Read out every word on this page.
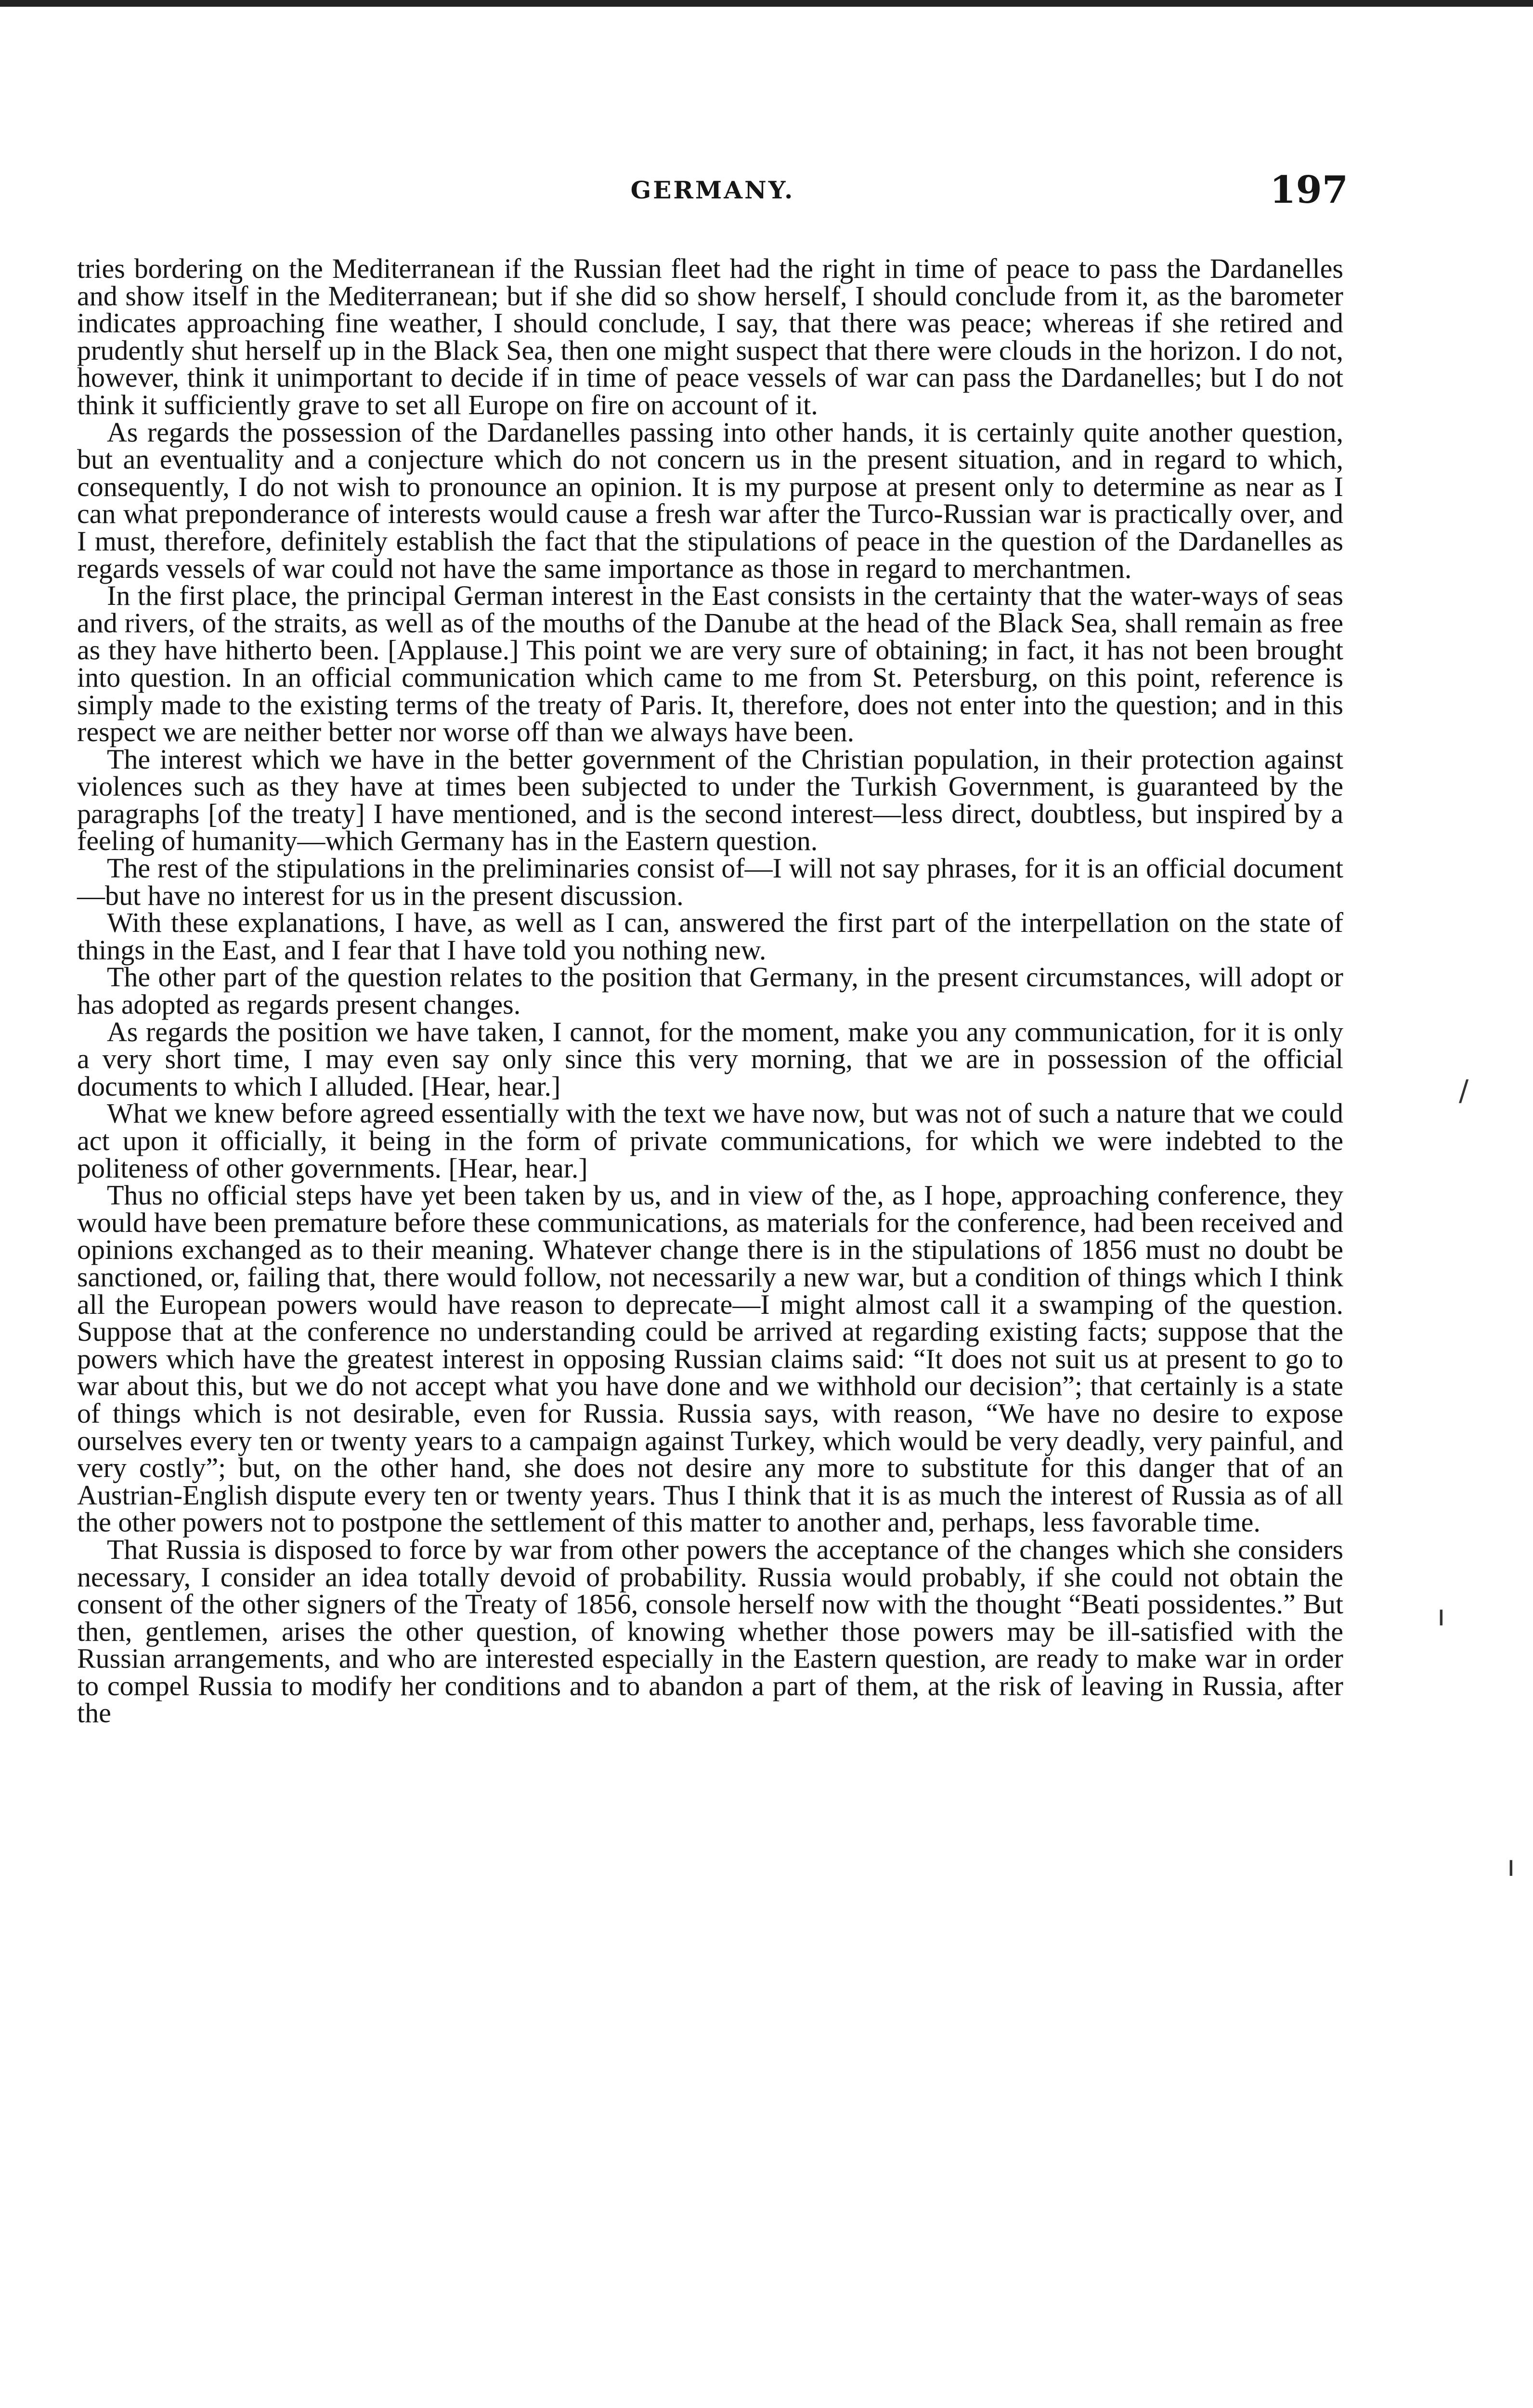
GERMANY.	197

tries bordering on the Mediterranean if the Russian fleet had the right in time of peace to pass the Dardanelles and show itself in the Mediterranean; but if she did so show herself, I should conclude from it, as the barometer indicates approaching fine weather, I should conclude, I say, that there was peace; whereas if she retired and prudently shut herself up in the Black Sea, then one might suspect that there were clouds in the horizon. I do not, however, think it unimportant to decide if in time of peace vessels of war can pass the Dardanelles; but I do not think it sufficiently grave to set all Europe on fire on account of it.

As regards the possession of the Dardanelles passing into other hands, it is certainly quite another question, but an eventuality and a conjecture which do not concern us in the present situation, and in regard to which, consequently, I do not wish to pronounce an opinion. It is my purpose at present only to determine as near as I can what preponderance of interests would cause a fresh war after the Turco-Russian war is practically over, and I must, therefore, definitely establish the fact that the stipulations of peace in the question of the Dardanelles as regards vessels of war could not have the same importance as those in regard to merchantmen.

In the first place, the principal German interest in the East consists in the certainty that the water-ways of seas and rivers, of the straits, as well as of the mouths of the Danube at the head of the Black Sea, shall remain as free as they have hitherto been. [Applause.] This point we are very sure of obtaining; in fact, it has not been brought into question. In an official communication which came to me from St. Petersburg, on this point, reference is simply made to the existing terms of the treaty of Paris. It, therefore, does not enter into the question; and in this respect we are neither better nor worse off than we always have been.

The interest which we have in the better government of the Christian population, in their protection against violences such as they have at times been subjected to under the Turkish Government, is guaranteed by the paragraphs [of the treaty] I have mentioned, and is the second interest—less direct, doubtless, but inspired by a feeling of humanity—which Germany has in the Eastern question.

The rest of the stipulations in the preliminaries consist of—I will not say phrases, for it is an official document—but have no interest for us in the present discussion.

With these explanations, I have, as well as I can, answered the first part of the interpellation on the state of things in the East, and I fear that I have told you nothing new.

The other part of the question relates to the position that Germany, in the present circumstances, will adopt or has adopted as regards present changes.

As regards the position we have taken, I cannot, for the moment, make you any communication, for it is only a very short time, I may even say only since this very morning, that we are in possession of the official documents to which I alluded. [Hear, hear.]

What we knew before agreed essentially with the text we have now, but was not of such a nature that we could act upon it officially, it being in the form of private communications, for which we were indebted to the politeness of other governments. [Hear, hear.]

Thus no official steps have yet been taken by us, and in view of the, as I hope, approaching conference, they would have been premature before these communications, as materials for the conference, had been received and opinions exchanged as to their meaning. Whatever change there is in the stipulations of 1856 must no doubt be sanctioned, or, failing that, there would follow, not necessarily a new war, but a condition of things which I think all the European powers would have reason to deprecate—I might almost call it a swamping of the question. Suppose that at the conference no understanding could be arrived at regarding existing facts; suppose that the powers which have the greatest interest in opposing Russian claims said: “It does not suit us at present to go to war about this, but we do not accept what you have done and we withhold our decision”; that certainly is a state of things which is not desirable, even for Russia. Russia says, with reason, “We have no desire to expose ourselves every ten or twenty years to a campaign against Turkey, which would be very deadly, very painful, and very costly”; but, on the other hand, she does not desire any more to substitute for this danger that of an Austrian-English dispute every ten or twenty years. Thus I think that it is as much the interest of Russia as of all the other powers not to postpone the settlement of this matter to another and, perhaps, less favorable time.

That Russia is disposed to force by war from other powers the acceptance of the changes which she considers necessary, I consider an idea totally devoid of probability. Russia would probably, if she could not obtain the consent of the other signers of the Treaty of 1856, console herself now with the thought “Beati possidentes.” But then, gentlemen, arises the other question, of knowing whether those powers may be ill-satisfied with the Russian arrangements, and who are interested especially in the Eastern question, are ready to make war in order to compel Russia to modify her conditions and to abandon a part of them, at the risk of leaving in Russia, after the

/
ı
ı
